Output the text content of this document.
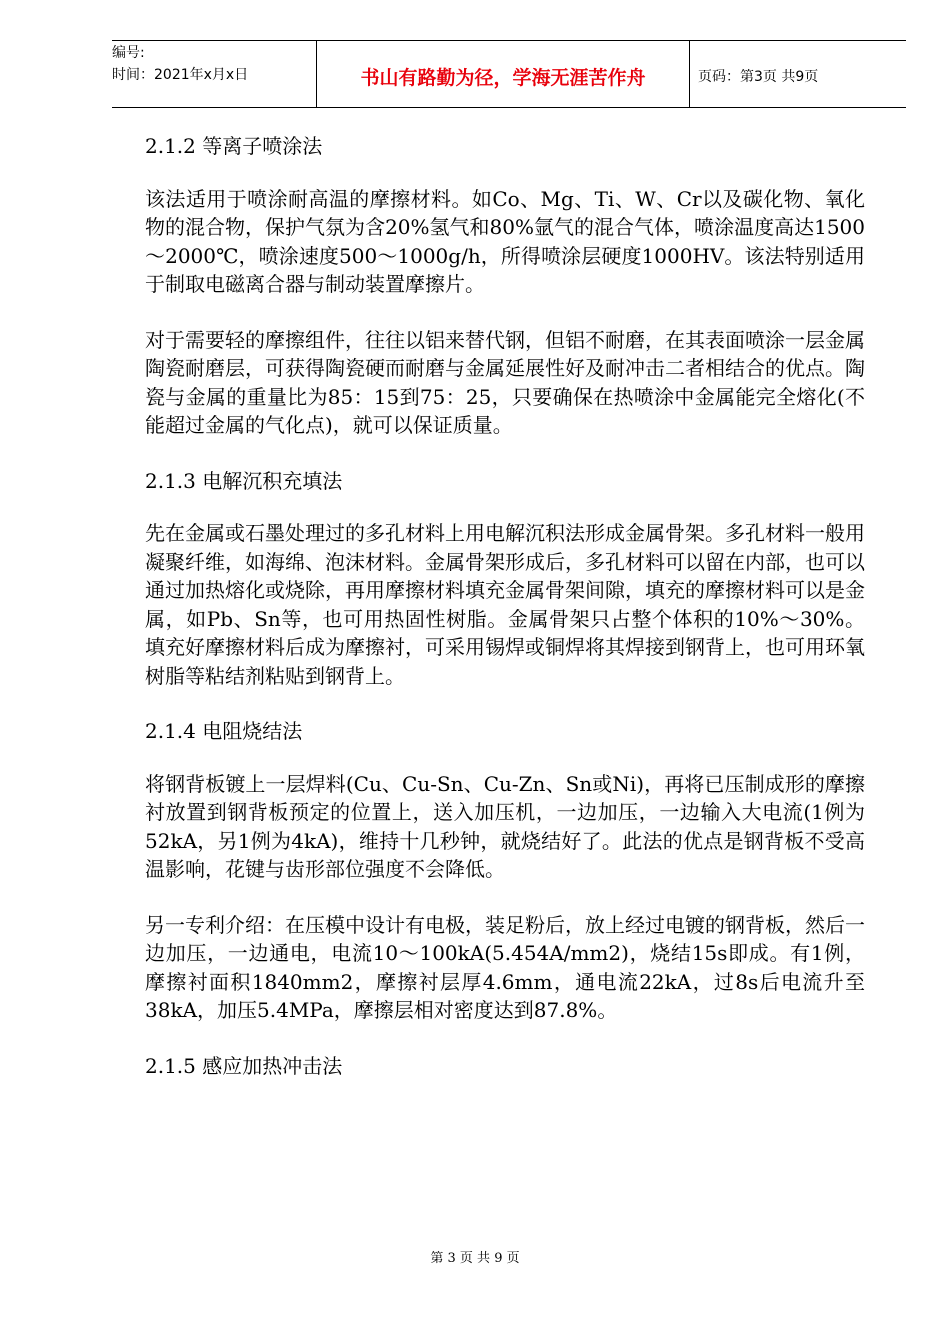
编号:
时间：2021年x月x日	书山有路勤为径，学海无涯苦作舟	页码：第3页 共9页
2.1.2 等离子喷涂法

该法适用于喷涂耐高温的摩擦材料。如Co、Mg、Ti、W、Cr以及碳化物、氧化物的混合物，保护气氛为含20%氢气和80%氩气的混合气体，喷涂温度高达1500～2000℃，喷涂速度500～1000g/h，所得喷涂层硬度1000HV。该法特别适用于制取电磁离合器与制动装置摩擦片。

对于需要轻的摩擦组件，往往以铝来替代钢，但铝不耐磨，在其表面喷涂一层金属陶瓷耐磨层，可获得陶瓷硬而耐磨与金属延展性好及耐冲击二者相结合的优点。陶瓷与金属的重量比为85：15到75：25，只要确保在热喷涂中金属能完全熔化(不能超过金属的气化点)，就可以保证质量。

2.1.3 电解沉积充填法

先在金属或石墨处理过的多孔材料上用电解沉积法形成金属骨架。多孔材料一般用凝聚纤维，如海绵、泡沫材料。金属骨架形成后，多孔材料可以留在内部，也可以通过加热熔化或烧除，再用摩擦材料填充金属骨架间隙，填充的摩擦材料可以是金属，如Pb、Sn等，也可用热固性树脂。金属骨架只占整个体积的10%～30%。填充好摩擦材料后成为摩擦衬，可采用锡焊或铜焊将其焊接到钢背上，也可用环氧树脂等粘结剂粘贴到钢背上。

2.1.4 电阻烧结法

将钢背板镀上一层焊料(Cu、Cu-Sn、Cu-Zn、Sn或Ni)，再将已压制成形的摩擦衬放置到钢背板预定的位置上，送入加压机，一边加压，一边输入大电流(1例为52kA，另1例为4kA)，维持十几秒钟，就烧结好了。此法的优点是钢背板不受高温影响，花键与齿形部位强度不会降低。

另一专利介绍：在压模中设计有电极，装足粉后，放上经过电镀的钢背板，然后一边加压，一边通电，电流10～100kA(5.454A/mm2)，烧结15s即成。有1例，摩擦衬面积1840mm2，摩擦衬层厚4.6mm，通电流22kA，过8s后电流升至38kA，加压5.4MPa，摩擦层相对密度达到87.8%。

2.1.5 感应加热冲击法
第 3 页 共 9 页
